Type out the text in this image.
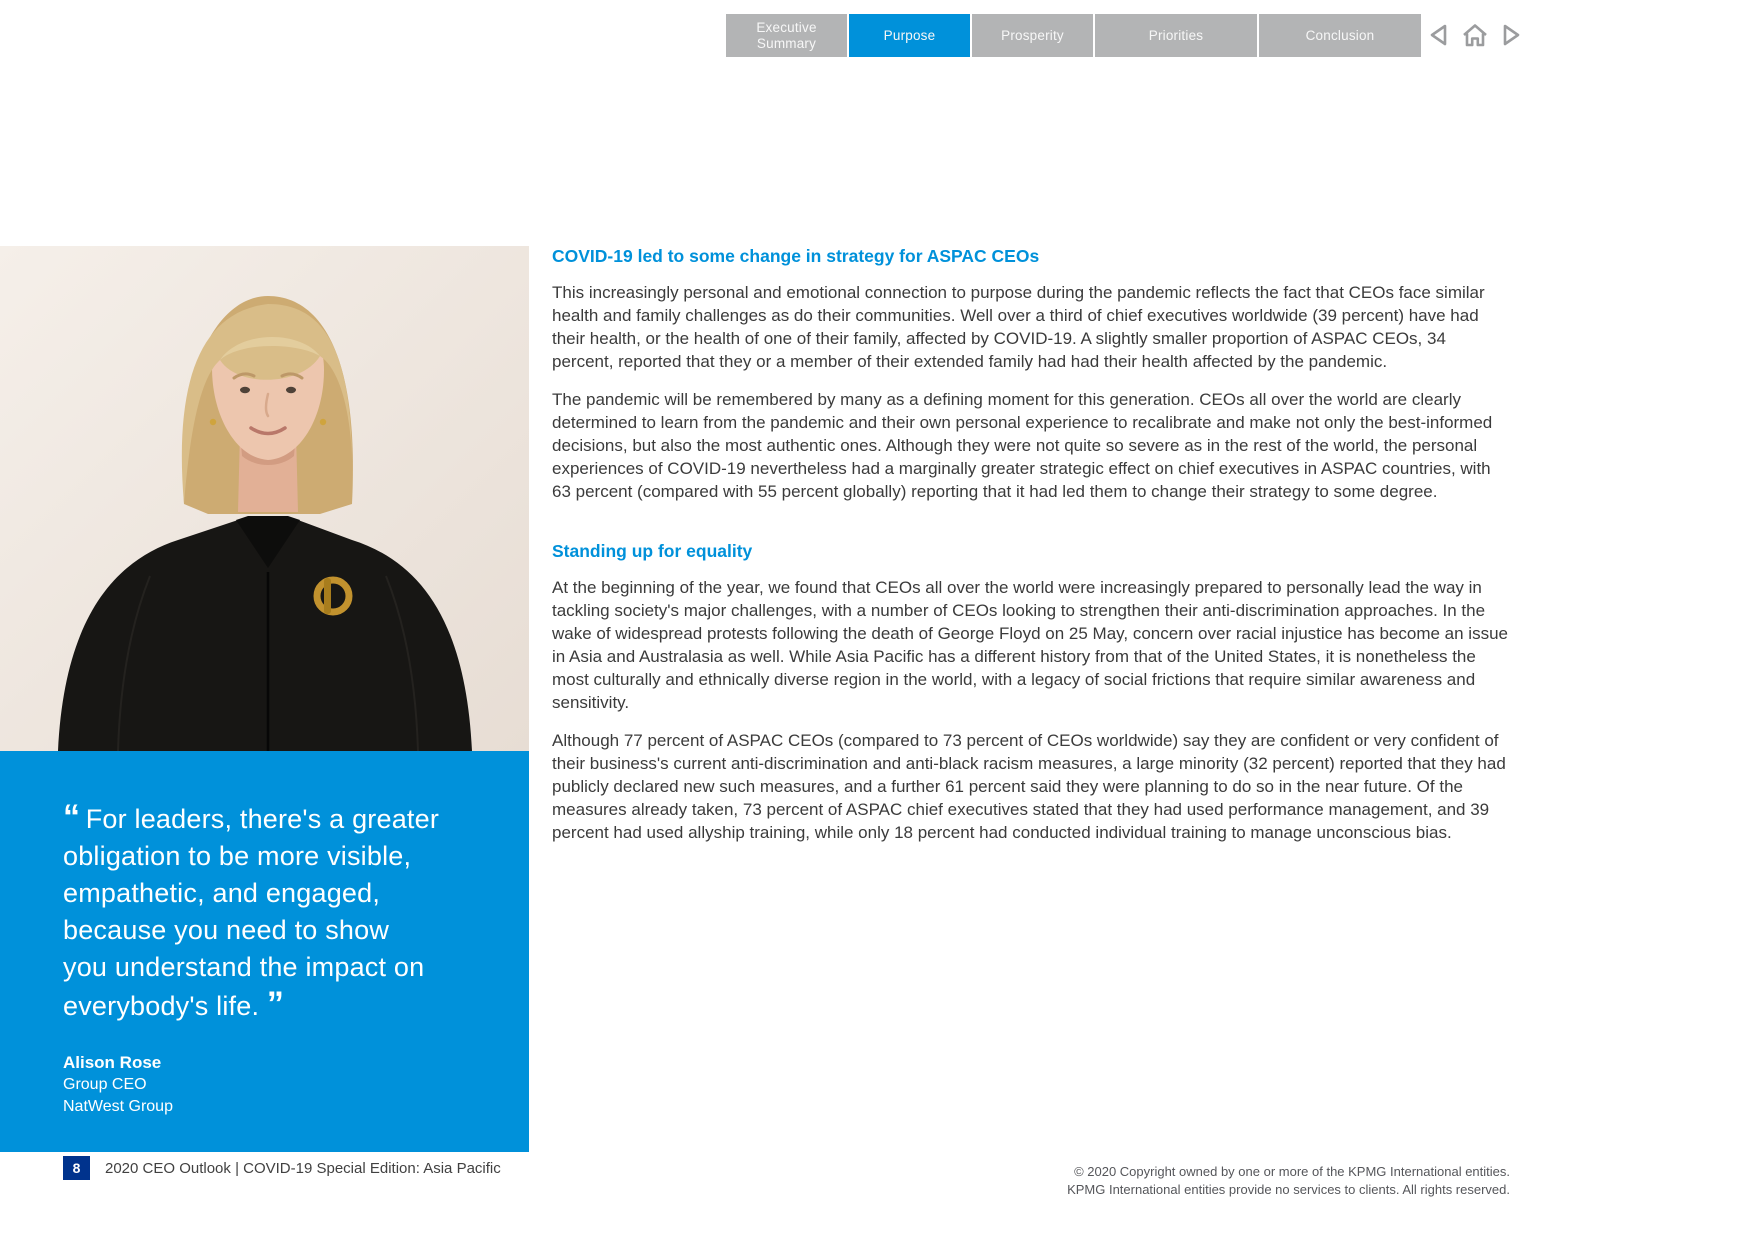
Executive Summary
Purpose	Prosperity	Priorities	Conclusion
“ For leaders, there's a greater
obligation to be more visible,
empathetic, and engaged,
because you need to show
you understand the impact on
everybody's life. ”
Alison Rose
Group CEO
NatWest Group
COVID-19 led to some change in strategy for ASPAC CEOs

This increasingly personal and emotional connection to purpose during the pandemic reflects the fact that CEOs face similar health and family challenges as do their communities. Well over a third of chief executives worldwide (39 percent) have had their health, or the health of one of their family, affected by COVID-19. A slightly smaller proportion of ASPAC CEOs, 34 percent, reported that they or a member of their extended family had had their health affected by the pandemic.

The pandemic will be remembered by many as a defining moment for this generation. CEOs all over the world are clearly determined to learn from the pandemic and their own personal experience to recalibrate and make not only the best-informed decisions, but also the most authentic ones. Although they were not quite so severe as in the rest of the world, the personal experiences of COVID-19 nevertheless had a marginally greater strategic effect on chief executives in ASPAC countries, with 63 percent (compared with 55 percent globally) reporting that it had led them to change their strategy to some degree.

Standing up for equality

At the beginning of the year, we found that CEOs all over the world were increasingly prepared to personally lead the way in tackling society's major challenges, with a number of CEOs looking to strengthen their anti-discrimination approaches. In the wake of widespread protests following the death of George Floyd on 25 May, concern over racial injustice has become an issue in Asia and Australasia as well. While Asia Pacific has a different history from that of the United States, it is nonetheless the most culturally and ethnically diverse region in the world, with a legacy of social frictions that require similar awareness and sensitivity.

Although 77 percent of ASPAC CEOs (compared to 73 percent of CEOs worldwide) say they are confident or very confident of their business's current anti-discrimination and anti-black racism measures, a large minority (32 percent) reported that they had publicly declared new such measures, and a further 61 percent said they were planning to do so in the near future. Of the measures already taken, 73 percent of ASPAC chief executives stated that they had used performance management, and 39 percent had used allyship training, while only 18 percent had conducted individual training to manage unconscious bias.

8	2020 CEO Outlook | COVID-19 Special Edition: Asia Pacific	© 2020 Copyright owned by one or more of the KPMG International entities.
KPMG International entities provide no services to clients. All rights reserved.
